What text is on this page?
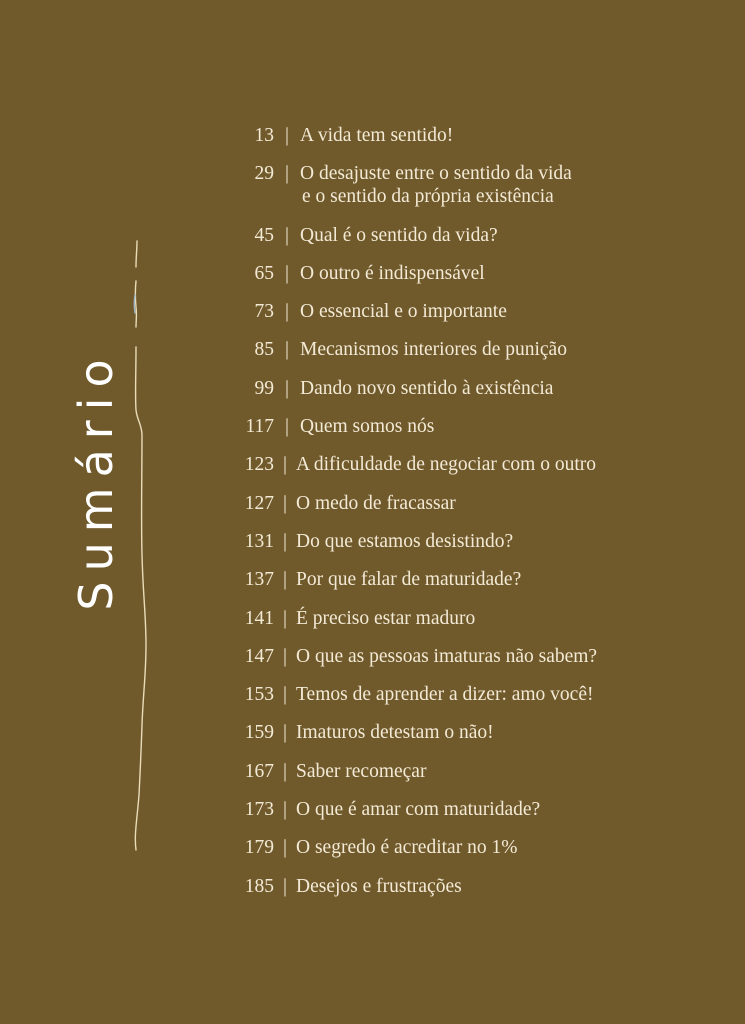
Sumário
13 | A vida tem sentido!
29 | O desajuste entre o sentido da vida
e o sentido da própria existência
45 | Qual é o sentido da vida?
65 | O outro é indispensável
73 | O essencial e o importante
85 | Mecanismos interiores de punição
99 | Dando novo sentido à existência
117 | Quem somos nós
123 | A dificuldade de negociar com o outro
127 | O medo de fracassar
131 | Do que estamos desistindo?
137 | Por que falar de maturidade?
141 | É preciso estar maduro
147 | O que as pessoas imaturas não sabem?
153 | Temos de aprender a dizer: amo você!
159 | Imaturos detestam o não!
167 | Saber recomeçar
173 | O que é amar com maturidade?
179 | O segredo é acreditar no 1%
185 | Desejos e frustrações
